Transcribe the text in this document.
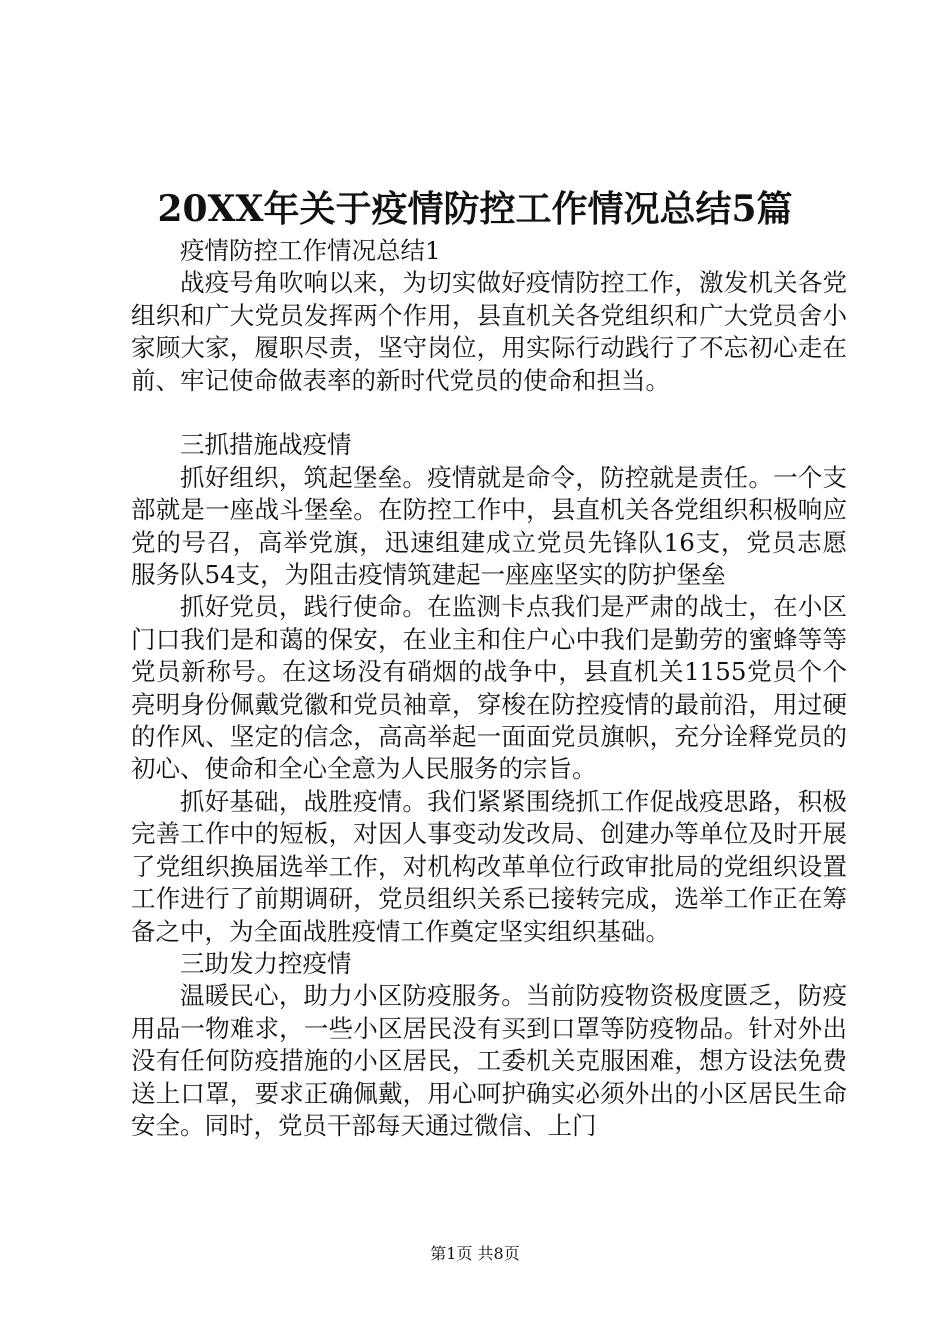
20XX年关于疫情防控工作情况总结5篇

疫情防控工作情况总结1

战疫号角吹响以来，为切实做好疫情防控工作，激发机关各党组织和广大党员发挥两个作用，县直机关各党组织和广大党员舍小家顾大家，履职尽责，坚守岗位，用实际行动践行了不忘初心走在前、牢记使命做表率的新时代党员的使命和担当。

三抓措施战疫情

抓好组织，筑起堡垒。疫情就是命令，防控就是责任。一个支部就是一座战斗堡垒。在防控工作中，县直机关各党组织积极响应党的号召，高举党旗，迅速组建成立党员先锋队16支，党员志愿服务队54支，为阻击疫情筑建起一座座坚实的防护堡垒

抓好党员，践行使命。在监测卡点我们是严肃的战士，在小区门口我们是和蔼的保安，在业主和住户心中我们是勤劳的蜜蜂等等党员新称号。在这场没有硝烟的战争中，县直机关1155党员个个亮明身份佩戴党徽和党员袖章，穿梭在防控疫情的最前沿，用过硬的作风、坚定的信念，高高举起一面面党员旗帜，充分诠释党员的初心、使命和全心全意为人民服务的宗旨。

抓好基础，战胜疫情。我们紧紧围绕抓工作促战疫思路，积极完善工作中的短板，对因人事变动发改局、创建办等单位及时开展了党组织换届选举工作，对机构改革单位行政审批局的党组织设置工作进行了前期调研，党员组织关系已接转完成，选举工作正在筹备之中，为全面战胜疫情工作奠定坚实组织基础。

三助发力控疫情

温暖民心，助力小区防疫服务。当前防疫物资极度匮乏，防疫用品一物难求，一些小区居民没有买到口罩等防疫物品。针对外出没有任何防疫措施的小区居民，工委机关克服困难，想方设法免费送上口罩，要求正确佩戴，用心呵护确实必须外出的小区居民生命安全。同时，党员干部每天通过微信、上门

第1页 共8页
